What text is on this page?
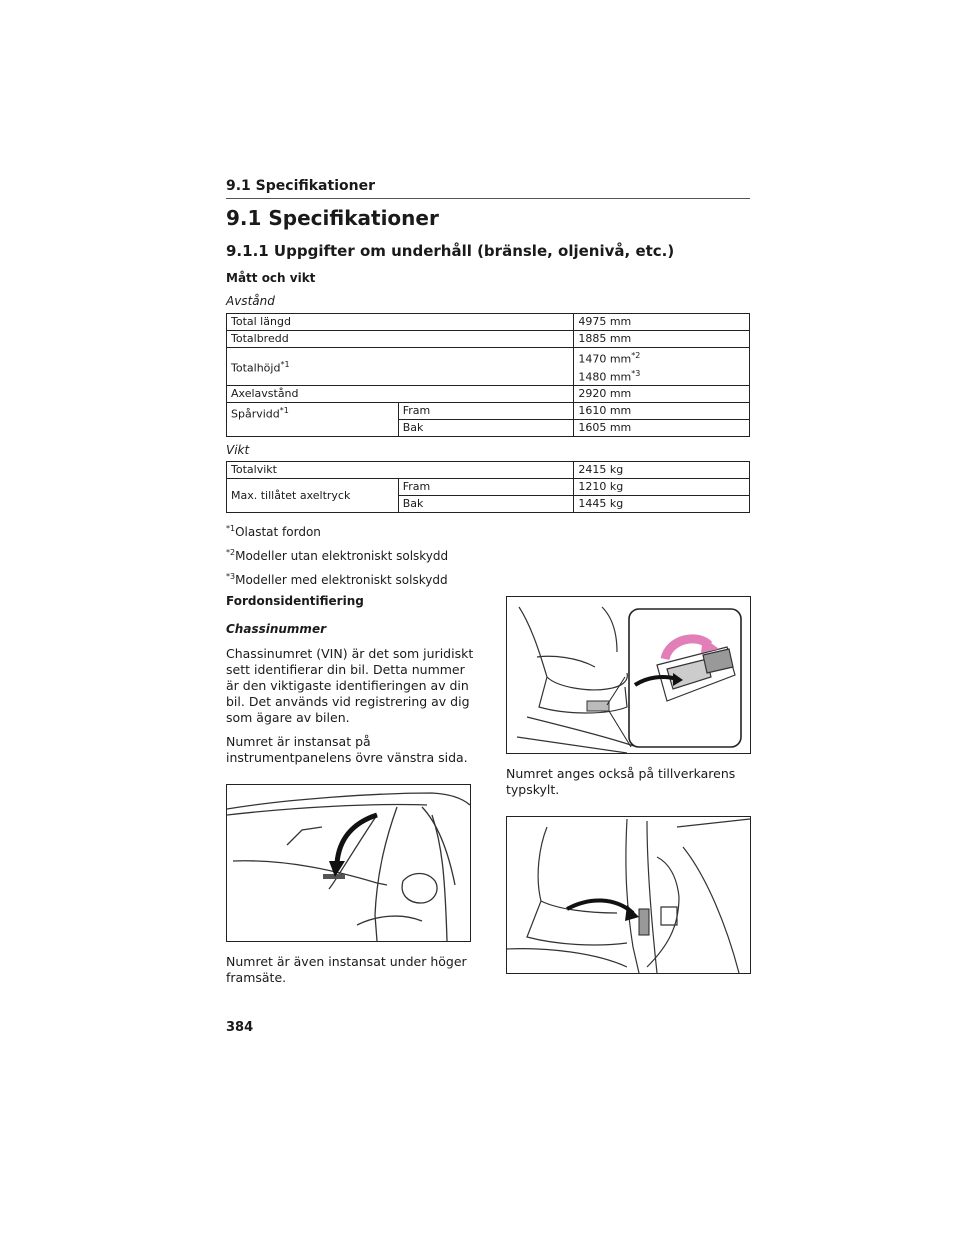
9.1 Specifikationer
9.1 Specifikationer
9.1.1 Uppgifter om underhåll (bränsle, oljenivå, etc.)
Mått och vikt
Avstånd
Total längd		4975 mm
Totalbredd		1885 mm
Totalhöjd$^{*1}$		1470 $mm^{*2}$
1480 $mm^{*3}$

Axelavstånd		2920 mm
Spårvidd$^{*1}$	Fram	1610 mm
	Bak	1605 mm
Vikt
Totalvikt		2415 kg
Max. tillåtet axeltryck	Fram	1210 kg
	Bak	1445 kg
$^{*1}$Olastat fordon
$^{*2}$Modeller utan elektroniskt solskydd
$^{*3}$Modeller med elektroniskt solskydd
Fordonsidentifiering
Chassinummer
Chassinumret (VIN) är det som juridiskt sett identifierar din bil. Detta nummer är den viktigaste identifieringen av din bil. Det används vid registrering av dig som ägare av bilen.
Numret är instansat på instrumentpanelens övre vänstra sida.
Numret är även instansat under höger framsäte.
Numret anges också på tillverkarens typskylt.
384
